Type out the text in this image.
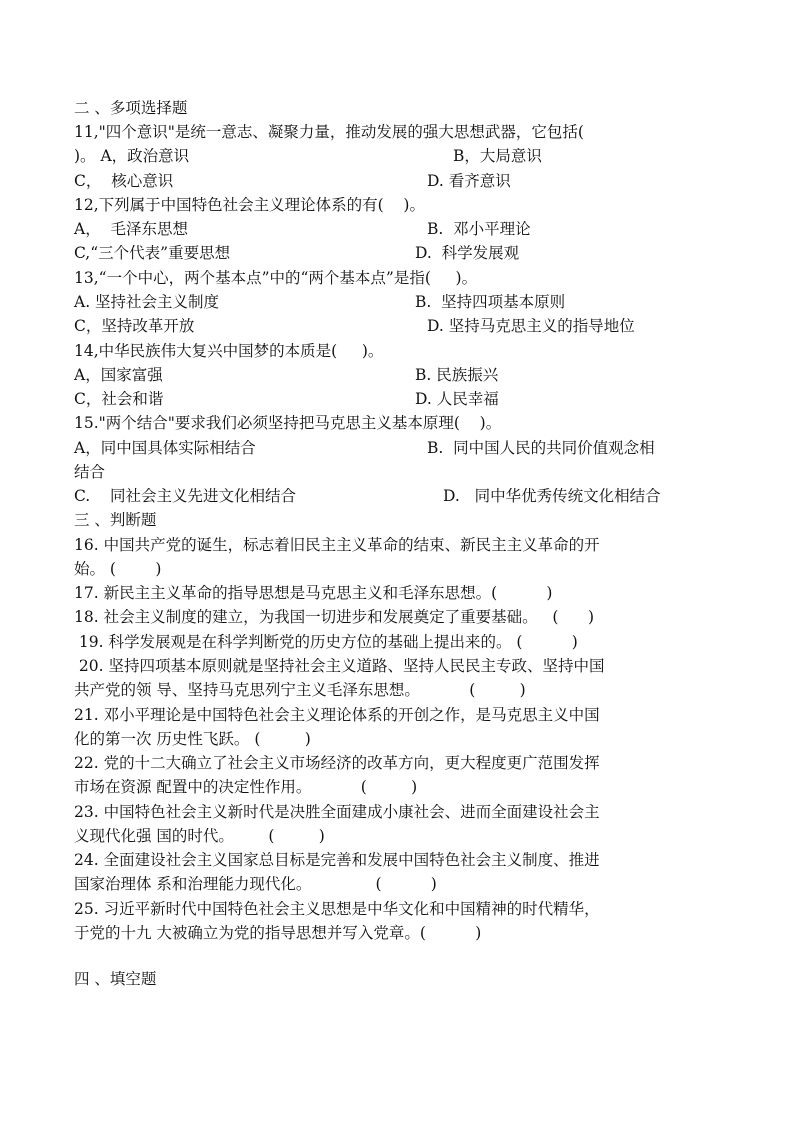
二 、多项选择题
11,"四个意识"是统一意志、凝聚力量，推动发展的强大思想武器，它包括(
)。 A，政治意识	B，大局意识
C，  核心意识	D. 看齐意识
12,下列属于中国特色社会主义理论体系的有(    )。
A，  毛泽东思想	B.  邓小平理论
C,“三个代表”重要思想	D.  科学发展观
13,“一个中心，两个基本点”中的“两个基本点”是指(     )。
A. 坚持社会主义制度	B.  坚持四项基本原则
C，坚持改革开放	D. 坚持马克思主义的指导地位
14,中华民族伟大复兴中国梦的本质是(     )。
A，国家富强	B. 民族振兴
C，社会和谐	D. 人民幸福
15."两个结合"要求我们必须坚持把马克思主义基本原理(    )。
A，同中国具体实际相结合	B.  同中国人民的共同价值观念相
结合
C.    同社会主义先进文化相结合	D.   同中华优秀传统文化相结合
三 、判断题
16. 中国共产党的诞生，标志着旧民主主义革命的结束、新民主主义革命的开
始。 (        )
17. 新民主主义革命的指导思想是马克思主义和毛泽东思想。(          )
18. 社会主义制度的建立，为我国一切进步和发展奠定了重要基础。   (      )
19. 科学发展观是在科学判断党的历史方位的基础上提出来的。 (          )
20. 坚持四项基本原则就是坚持社会主义道路、坚持人民民主专政、坚持中国
共产党的领 导、坚持马克思列宁主义毛泽东思想。          (         )
21. 邓小平理论是中国特色社会主义理论体系的开创之作，是马克思主义中国
化的第一次 历史性飞跃。 (         )
22. 党的十二大确立了社会主义市场经济的改革方向，更大程度更广范围发挥
市场在资源 配置中的决定性作用。          (         )
23. 中国特色社会主义新时代是决胜全面建成小康社会、进而全面建设社会主
义现代化强 国的时代。       (         )
24. 全面建设社会主义国家总目标是完善和发展中国特色社会主义制度、推进
国家治理体 系和治理能力现代化。             (          )
25. 习近平新时代中国特色社会主义思想是中华文化和中国精神的时代精华，
于党的十九 大被确立为党的指导思想并写入党章。(          )
四 、填空题
